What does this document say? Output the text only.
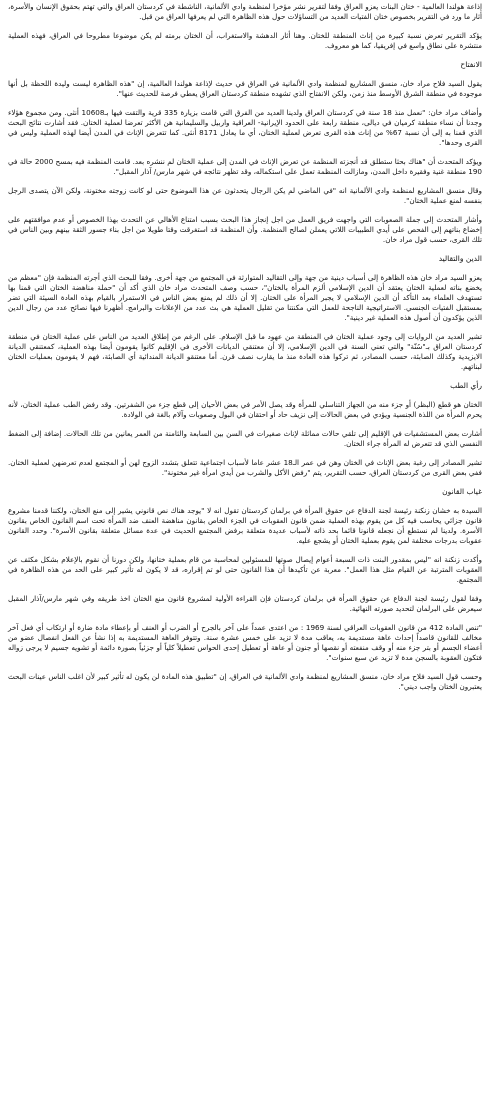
إذاعة هولندا العالمية - ختان البنات يعزو العراق وفقا لتقرير نشر مؤخرا لمنظمة وادي الألمانية، الناشطة في كردستان العراق والتي تهتم بحقوق الإنسان والأسرة، أثار ما ورد في التقرير بخصوص ختان الفتيات العديد من التساؤلات حول هذه الظاهرة التي لم يعرفها العراق من قبل.

يؤكد التقرير تعرض نسبة كبيرة من إناث المنطقة للختان. وهنا أثار الدهشة والاستغراب، أن الختان برمته لم يكن موضوعا مطروحا في العراق، فهذه العملية منتشرة على نطاق واسع في إفريقيا، كما هو معروف.

الانفتاح

يقول السيد فلاح مراد خان، منسق المشاريع لمنظمة وادي الألمانية في العراق في حديث لإذاعة هولندا العالمية، إن "هذه الظاهرة ليست وليدة اللحظة بل أنها موجودة في منطقة الشرق الأوسط منذ زمن، ولكن الانفتاح الذي تشهده منطقة كردستان العراق يعطي فرصة للحديث عنها".

وأضاف مراد خان: "نعمل منذ 18 سنة في كردستان العراق ولدينا العديد من الفرق التي قامت بزيارة 335 قرية والتقت فيها بـ10608 أنثى. ومن مجموع هؤلاء وجدنا أن نساء منطقة كرميان في ديالى، منطقة رابعة على الحدود الإيرانية- العراقية واربيل والسليمانية هن الأكثر تعرضا لعملية الختان. فقد أشارت نتائج البحث الذي قمنا به إلى أن نسبة 67% من إناث هذه القرى تعرض لعملية الختان، أي ما يعادل 8171 أنثى. كما تتعرض الإناث في المدن أيضا لهذه العملية وليس في القرى وحدها".

ويؤكد المتحدث أن "هناك بحثا ستطلق قد أنجزته المنظمة عن تعرض الإناث في المدن إلى عملية الختان لم ننشره بعد. قامت المنظمة فيه بمسح 2000 حالة في 190 منطقة غنية وفقيرة داخل المدن، ومازالت المنظمة تعمل على استكماله، وقد تظهر نتائجه في شهر مارس/ آذار المقبل".

وقال منسق المشاريع لمنظمة وادي الألمانية انه "في الماضي لم يكن الرجال يتحدثون عن هذا الموضوع حتى لو كانت زوجته مختونة، ولكن الآن يتصدى الرجل بنفسه لمنع عملية الختان".

وأشار المتحدث إلى جملة الصعوبات التي واجهت فريق العمل من اجل إنجاز هذا البحث بسبب امتناع الأهالي عن التحدث بهذا الخصوص أو عدم موافقتهم على إخضاع بناتهم إلى الفحص على أيدي الطبيبات اللاتي يعملن لصالح المنظمة. وأن المنظمة قد استغرقت وقتا طويلا من اجل بناء جسور الثقة بينهم وبين الناس في تلك القرى، حسب قول مراد خان.

الدين والتقاليد

يعزو السيد مراد خان هذه الظاهرة إلى أسباب دينية من جهة وإلى التقاليد المتوارثة في المجتمع من جهة أخرى. وفقا للبحث الذي أجرته المنظمة فإن "معظم من يخضع بناته لعملية الختان يعتقد أن الدين الإسلامي ألزم المرأة بالختان"، حسب وصف المتحدث مراد خان الذي أكد أن "حملة مناهضة الختان التي قمنا بها تستهدف العلماء بعد التأكد أن الدين الإسلامي لا يجبر المرأة على الختان. إلا أن ذلك لم يمنع بعض الناس في الاستمرار بالقيام بهذه العادة السيئة التي تضر بمستقبل الفتيات الجنسي. الاستراتيجية الناجحة للعمل التي مكنتنا من تقليل العملية هي بث عدد من الإعلانات والبرامج. أظهرنا فيها نصائح عدد من رجال الدين الذين يؤكدون أن أصول هذه العملية غير دينية".

تشير العديد من الروايات إلى وجود عملية الختان في المنطقة من عهود ما قبل الإسلام. على الرغم من إطلاق العديد من الناس على عملية الختان في منطقة كردستان العراق بـ"سُنّة" والتي تعني السنة في الدين الإسلامي، إلا أن معتنقي الديانات الأخرى في الإقليم كانوا يقومون أيضا بهذه العملية، كمعتنقي الديانة الايزيدية وكذلك الصابئة، حسب المصادر، ثم تركوا هذه العادة منذ ما يقارب نصف قرن. أما معتنقو الديانة المندائية أي الصابئة، فهم لا يقومون بعمليات الختان لبناتهم.

رأي الطب

الختان هو قطع (البظر) أو جزء منه من الجهاز التناسلي للمرأة وقد يصل الأمر في بعض الأحيان إلى قطع جزء من الشفرتين. وقد رفض الطب عملية الختان، لأنه يحرم المرأة من اللذة الجنسية ويؤدي في بعض الحالات إلى نزيف حاد أو احتقان في البول وصعوبات وآلام بالغة في الولادة.

أشارت بعض المستشفيات في الإقليم إلى تلقي حالات مماثلة لإناث صغيرات في السن بين السابعة والثامنة من العمر يعانين من تلك الحالات. إضافة إلى الضغط النفسي الذي قد تتعرض له المرأة جراء الختان.

تشير المصادر إلى رغبة بعض الإناث في الختان وهن في عمر الـ18 عشر عاما لأسباب اجتماعية تتعلق بتشدد الزوج لهن أو المجتمع لعدم تعرضهن لعملية الختان. ففي بعض القرى من كردستان العراق، حسب التقرير، يتم "رفض الأكل والشرب من أيدي امرأة غير مختونة".

غياب القانون

السيدة به خشان زنكنة رئيسة لجنة الدفاع عن حقوق المرأة في برلمان كردستان تقول انه لا "يوجد هناك نص قانوني يشير إلى منع الختان، ولكننا قدمنا مشروع قانون جزائي يحاسب فيه كل من يقوم بهذه العملية ضمن قانون العقوبات في الجزء الخاص بقانون مناهضة العنف ضد المرأة تحت اسم القانون الخاص بقانون الأسرة. ولدينا لم نستطع أن نجعله قانونا قائما بحد ذاته لأسباب عديدة متعلقة برفض المجتمع الحديث في عدة مسائل متعلقة بقانون الأسرة". وحدد القانون عقوبات بدرجات مختلفة لمن يقوم بعملية الختان أو يشجع عليه.

وأكدت زنكنة انه "ليس بمقدور البنت ذات السبعة أعوام إيصال صوتها للمسئولين لمحاسبة من قام بعملية ختانها، ولكن دورنا أن نقوم بالإعلام بشكل مكثف عن العقوبات المترتبة عن القيام مثل هذا العمل". معربة عن تأكيدها أن هذا القانون حتى لو تم إقراره، قد لا يكون له تأثير كبير على الحد من هذه الظاهرة في المجتمع.

وفقا لقول رئيسة لجنة الدفاع عن حقوق المرأة في برلمان كردستان فإن القراءة الأولية لمشروع قانون منع الختان اخذ طريقه وفي شهر مارس/آذار المقبل سيعرض على البرلمان لتحديد صورته النهائية.

"تنص المادة 412 من قانون العقوبات العراقي لسنة 1969 : من اعتدى عمداً على آخر بالجرح أو الضرب أو العنف أو بإعطاء مادة ضارة أو ارتكاب أي فعل آخر مخالف للقانون قاصداً إحداث عاهة مستديمة به، يعاقب مدة لا تزيد على خمس عشرة سنة. وتتوفر العاهة المستديمة به إذا نشأ عن الفعل انفصال عضو من أعضاء الجسم أو بتر جزء منه أو وقف منفعته أو نقصها أو جنون أو عاهة أو تعطيل إحدى الحواس تعطيلاً كلياً أو جزئياً بصورة دائمة أو تشويه جسيم لا يرجى زواله فتكون العقوبة بالسجن مدة لا تزيد عن سبع سنوات".

وحسب قول السيد فلاح مراد خان، منسق المشاريع لمنظمة وادي الألمانية في العراق، إن "تطبيق هذه المادة لن يكون له تأثير كبير لأن اغلب الناس عينات البحث يعتبرون الختان واجب ديني".
